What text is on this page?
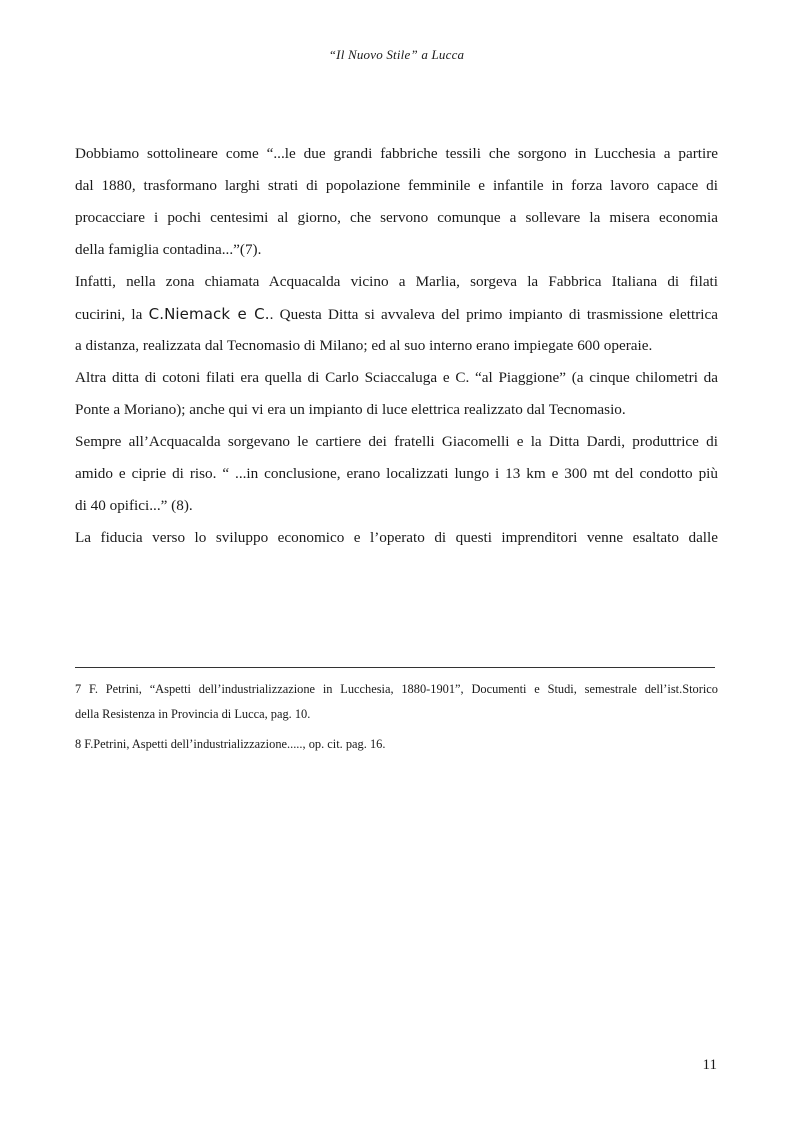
“Il Nuovo Stile” a Lucca
Dobbiamo sottolineare come “...le due grandi fabbriche tessili che sorgono in Lucchesia a partire
dal 1880, trasformano larghi strati di popolazione femminile e infantile in forza lavoro capace di
procacciare i pochi centesimi al giorno, che servono comunque a sollevare la misera economia
della famiglia contadina...”(7).
Infatti, nella zona chiamata Acquacalda vicino a Marlia, sorgeva la Fabbrica Italiana di filati
cucirini, la C.Niemack e C.. Questa Ditta si avvaleva del primo impianto di trasmissione elettrica
a distanza, realizzata dal Tecnomasio di Milano; ed al suo interno erano impiegate 600 operaie.
Altra ditta di cotoni filati era quella di Carlo Sciaccaluga e C. “al Piaggione” (a cinque chilometri da
Ponte a Moriano); anche qui vi era un impianto di luce elettrica realizzato dal Tecnomasio.
Sempre all’Acquacalda sorgevano le cartiere dei fratelli Giacomelli e la Ditta Dardi, produttrice di
amido e ciprie di riso. “ ...in conclusione, erano localizzati lungo i 13 km e 300 mt del condotto più
di 40 opifici...” (8).
La fiducia verso lo sviluppo economico e l’operato di questi imprenditori venne esaltato dalle
7 F. Petrini, “Aspetti dell’industrializzazione in Lucchesia, 1880-1901”, Documenti e Studi, semestrale dell’ist.Storico
della Resistenza in Provincia di Lucca, pag. 10.
8 F.Petrini, Aspetti dell’industrializzazione....., op. cit. pag. 16.
11
